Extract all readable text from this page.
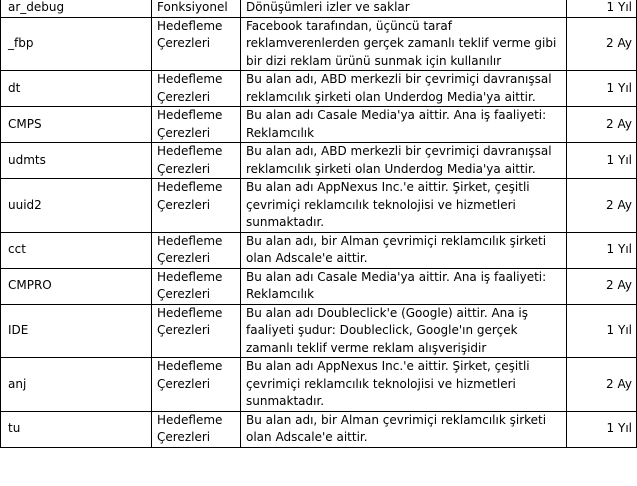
ar_debug	Fonksiyonel	Dönüşümleri izler ve saklar	1 Yıl
_fbp	Hedefleme Çerezleri	Facebook tarafından, üçüncü taraf reklamverenlerden gerçek zamanlı teklif verme gibi bir dizi reklam ürünü sunmak için kullanılır	2 Ay
dt	Hedefleme Çerezleri	Bu alan adı, ABD merkezli bir çevrimiçi davranışsal reklamcılık şirketi olan Underdog Media'ya aittir.	1 Yıl
CMPS	Hedefleme Çerezleri	Bu alan adı Casale Media'ya aittir. Ana iş faaliyeti: Reklamcılık	2 Ay
udmts	Hedefleme Çerezleri	Bu alan adı, ABD merkezli bir çevrimiçi davranışsal reklamcılık şirketi olan Underdog Media'ya aittir.	1 Yıl
uuid2	Hedefleme Çerezleri	Bu alan adı AppNexus Inc.'e aittir. Şirket, çeşitli çevrimiçi reklamcılık teknolojisi ve hizmetleri sunmaktadır.	2 Ay
cct	Hedefleme Çerezleri	Bu alan adı, bir Alman çevrimiçi reklamcılık şirketi olan Adscale'e aittir.	1 Yıl
CMPRO	Hedefleme Çerezleri	Bu alan adı Casale Media'ya aittir. Ana iş faaliyeti: Reklamcılık	2 Ay
IDE	Hedefleme Çerezleri	Bu alan adı Doubleclick'e (Google) aittir. Ana iş faaliyeti şudur: Doubleclick, Google'ın gerçek zamanlı teklif verme reklam alışverişidir	1 Yıl
anj	Hedefleme Çerezleri	Bu alan adı AppNexus Inc.'e aittir. Şirket, çeşitli çevrimiçi reklamcılık teknolojisi ve hizmetleri sunmaktadır.	2 Ay
tu	Hedefleme Çerezleri	Bu alan adı, bir Alman çevrimiçi reklamcılık şirketi olan Adscale'e aittir.	1 Yıl
